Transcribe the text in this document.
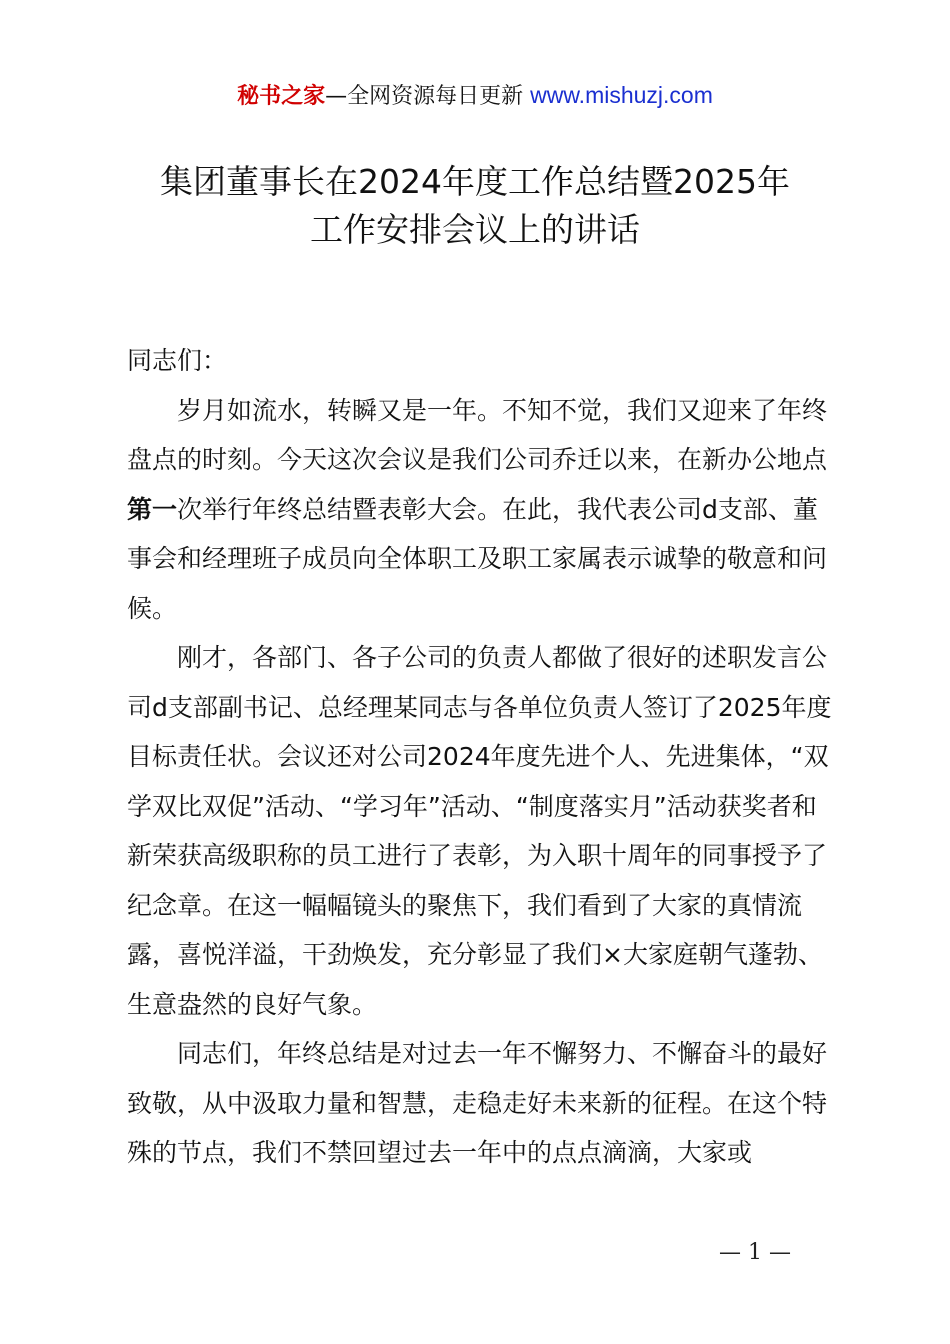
秘书之家—全网资源每日更新 www.mishuzj.com
集团董事长在2024年度工作总结暨2025年
工作安排会议上的讲话

同志们：

岁月如流水，转瞬又是一年。不知不觉，我们又迎来了年终盘点的时刻。今天这次会议是我们公司乔迁以来，在新办公地点第一次举行年终总结暨表彰大会。在此，我代表公司d支部、董事会和经理班子成员向全体职工及职工家属表示诚挚的敬意和问候。

刚才，各部门、各子公司的负责人都做了很好的述职发言公司d支部副书记、总经理某同志与各单位负责人签订了2025年度目标责任状。会议还对公司2024年度先进个人、先进集体，“双学双比双促”活动、“学习年”活动、“制度落实月”活动获奖者和新荣获高级职称的员工进行了表彰，为入职十周年的同事授予了纪念章。在这一幅幅镜头的聚焦下，我们看到了大家的真情流露，喜悦洋溢，干劲焕发，充分彰显了我们×大家庭朝气蓬勃、生意盎然的良好气象。

同志们，年终总结是对过去一年不懈努力、不懈奋斗的最好致敬，从中汲取力量和智慧，走稳走好未来新的征程。在这个特殊的节点，我们不禁回望过去一年中的点点滴滴，大家或

— 1 —
